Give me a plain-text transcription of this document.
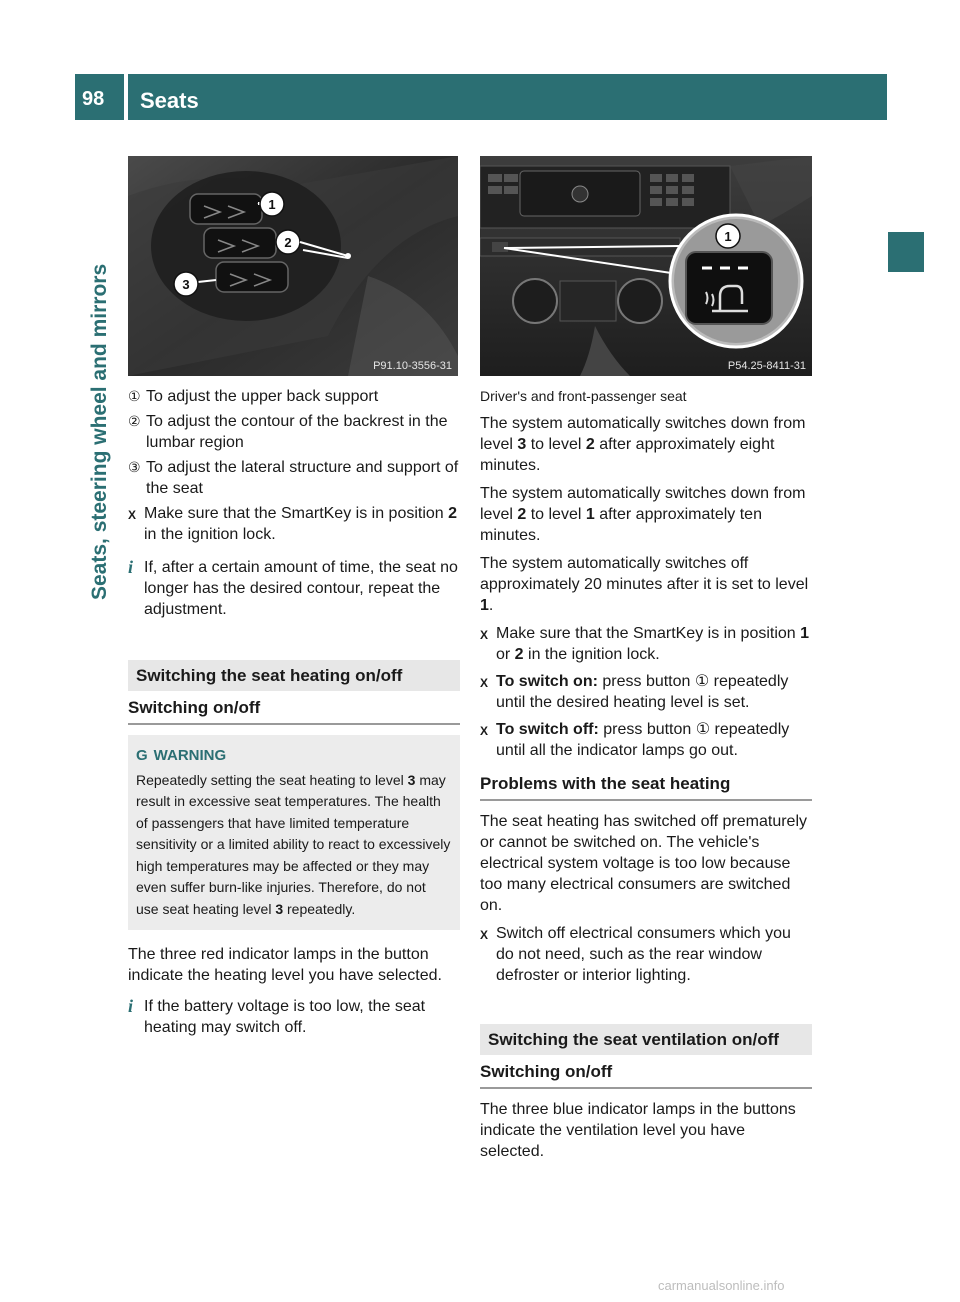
98 Seats
Seats, steering wheel and mirrors
1
2
3
P91.10-3556-31
1
P54.25-8411-31
① To adjust the upper back support
② To adjust the contour of the backrest in the lumbar region
③ To adjust the lateral structure and support of the seat
X Make sure that the SmartKey is in position 2 in the ignition lock.
i If, after a certain amount of time, the seat no longer has the desired contour, repeat the adjustment.
Switching the seat heating on/off
Switching on/off
G WARNING
Repeatedly setting the seat heating to level 3 may result in excessive seat temperatures. The health of passengers that have limited temperature sensitivity or a limited ability to react to excessively high temperatures may be affected or they may even suffer burn-like injuries. Therefore, do not use seat heating level 3 repeatedly.
The three red indicator lamps in the button indicate the heating level you have selected.
i If the battery voltage is too low, the seat heating may switch off.
Driver's and front-passenger seat
The system automatically switches down from level 3 to level 2 after approximately eight minutes.
The system automatically switches down from level 2 to level 1 after approximately ten minutes.
The system automatically switches off approximately 20 minutes after it is set to level 1.
X Make sure that the SmartKey is in position 1 or 2 in the ignition lock.
X To switch on: press button ① repeatedly until the desired heating level is set.
X To switch off: press button ① repeatedly until all the indicator lamps go out.
Problems with the seat heating
The seat heating has switched off prematurely or cannot be switched on. The vehicle's electrical system voltage is too low because too many electrical consumers are switched on.
X Switch off electrical consumers which you do not need, such as the rear window defroster or interior lighting.
Switching the seat ventilation on/off
Switching on/off
The three blue indicator lamps in the buttons indicate the ventilation level you have selected.
carmanualsonline.info
